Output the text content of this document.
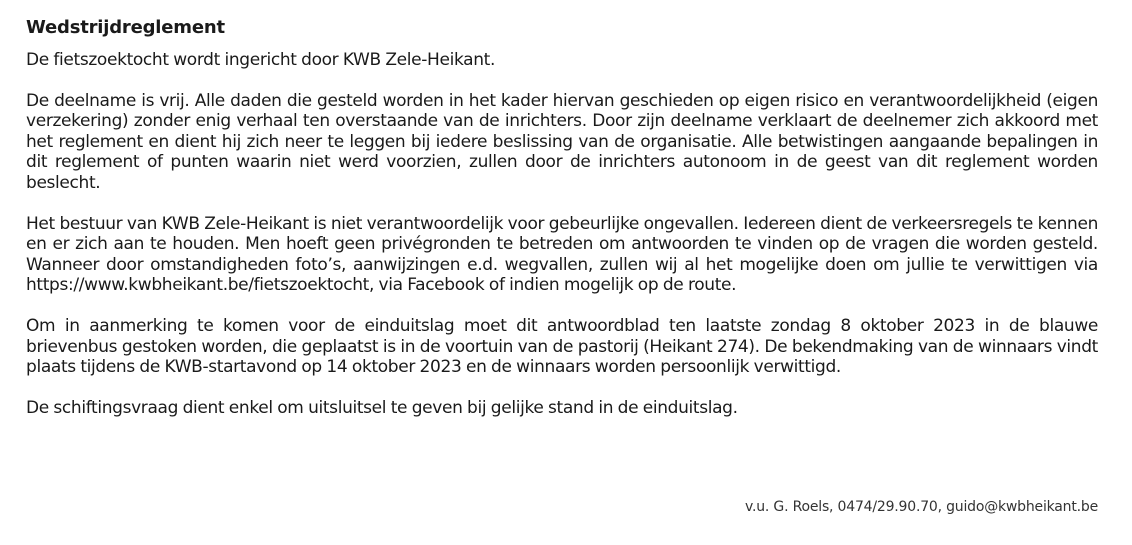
Wedstrijdreglement

De fietszoektocht wordt ingericht door KWB Zele-Heikant.

De deelname is vrij. Alle daden die gesteld worden in het kader hiervan geschieden op eigen risico en verantwoordelijkheid (eigen verzekering) zonder enig verhaal ten overstaande van de inrichters. Door zijn deelname verklaart de deelnemer zich akkoord met het reglement en dient hij zich neer te leggen bij iedere beslissing van de organisatie. Alle betwistingen aangaande bepalingen in dit reglement of punten waarin niet werd voorzien, zullen door de inrichters autonoom in de geest van dit reglement worden beslecht.

Het bestuur van KWB Zele-Heikant is niet verantwoordelijk voor gebeurlijke ongevallen. Iedereen dient de verkeersregels te kennen en er zich aan te houden. Men hoeft geen privégronden te betreden om antwoorden te vinden op de vragen die worden gesteld. Wanneer door omstandigheden foto’s, aanwijzingen e.d. wegvallen, zullen wij al het mogelijke doen om jullie te verwittigen via https://www.kwbheikant.be/fietszoektocht, via Facebook of indien mogelijk op de route.

Om in aanmerking te komen voor de einduitslag moet dit antwoordblad ten laatste zondag 8 oktober 2023 in de blauwe brievenbus gestoken worden, die geplaatst is in de voortuin van de pastorij (Heikant 274). De bekendmaking van de winnaars vindt plaats tijdens de KWB-startavond op 14 oktober 2023 en de winnaars worden persoonlijk verwittigd.

De schiftingsvraag dient enkel om uitsluitsel te geven bij gelijke stand in de einduitslag.

v.u. G. Roels, 0474/29.90.70, guido@kwbheikant.be
